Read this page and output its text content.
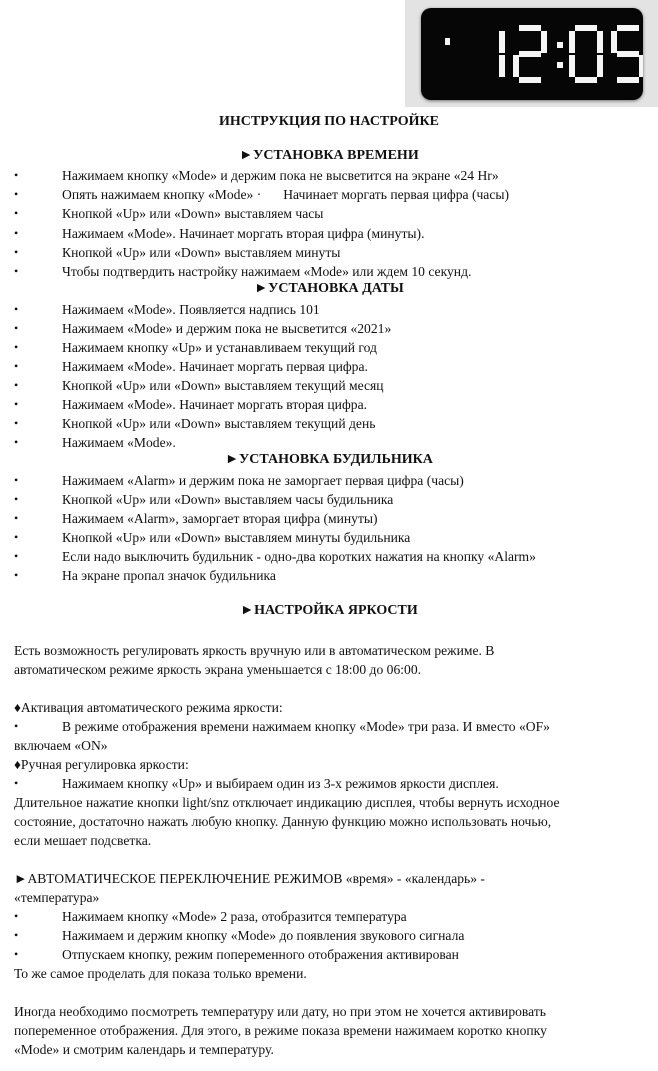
ИНСТРУКЦИЯ ПО НАСТРОЙКЕ
►УСТАНОВКА ВРЕМЕНИ
•	Нажимаем кнопку «Mode» и держим пока не высветится на экране «24 Hr»
•	Опять нажимаем кнопку «Mode» · Начинает моргать первая цифра (часы)
•	Кнопкой «Up» или «Down» выставляем часы
•	Нажимаем «Mode». Начинает моргать вторая цифра (минуты).
•	Кнопкой «Up» или «Down» выставляем минуты
•	Чтобы подтвердить настройку нажимаем «Mode» или ждем 10 секунд.
►УСТАНОВКА ДАТЫ
•	Нажимаем «Mode». Появляется надпись 101
•	Нажимаем «Mode» и держим пока не высветится «2021»
•	Нажимаем кнопку «Up» и устанавливаем текущий год
•	Нажимаем «Mode». Начинает моргать первая цифра.
•	Кнопкой «Up» или «Down» выставляем текущий месяц
•	Нажимаем «Mode». Начинает моргать вторая цифра.
•	Кнопкой «Up» или «Down» выставляем текущий день
•	Нажимаем «Mode».
►УСТАНОВКА БУДИЛЬНИКА
•	Нажимаем «Alarm» и держим пока не заморгает первая цифра (часы)
•	Кнопкой «Up» или «Down» выставляем часы будильника
•	Нажимаем «Alarm», заморгает вторая цифра (минуты)
•	Кнопкой «Up» или «Down» выставляем минуты будильника
•	Если надо выключить будильник - одно-два коротких нажатия на кнопку «Alarm»
•	На экране пропал значок будильника
►НАСТРОЙКА ЯРКОСТИ
Есть возможность регулировать яркость вручную или в автоматическом режиме. В
автоматическом режиме яркость экрана уменьшается с 18:00 до 06:00.
♦Активация автоматического режима яркости:
•	В режиме отображения времени нажимаем кнопку «Mode» три раза. И вместо «OF»
включаем «ON»
♦Ручная регулировка яркости:
•	Нажимаем кнопку «Up» и выбираем один из 3-х режимов яркости дисплея.
Длительное нажатие кнопки light/snz отключает индикацию дисплея, чтобы вернуть исходное
состояние, достаточно нажать любую кнопку. Данную функцию можно использовать ночью,
если мешает подсветка.
►АВТОМАТИЧЕСКОЕ ПЕРЕКЛЮЧЕНИЕ РЕЖИМОВ «время» - «календарь» -
«температура»
•	Нажимаем кнопку «Mode» 2 раза, отобразится температура
•	Нажимаем и держим кнопку «Mode» до появления звукового сигнала
•	Отпускаем кнопку, режим попеременного отображения активирован
То же самое проделать для показа только времени.
Иногда необходимо посмотреть температуру или дату, но при этом не хочется активировать
попеременное отображения. Для этого, в режиме показа времени нажимаем коротко кнопку
«Mode» и смотрим календарь и температуру.
